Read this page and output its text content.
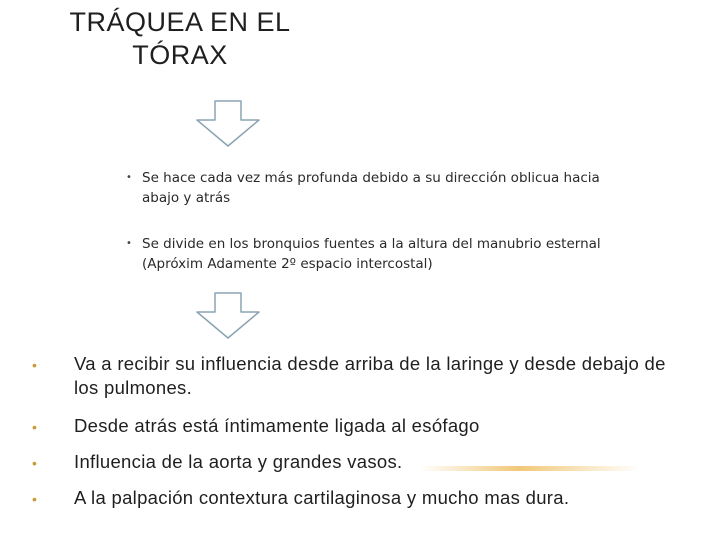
TRÁQUEA EN EL
TÓRAX
• Se hace cada vez más profunda debido a su dirección oblicua hacia abajo y atrás
• Se divide en los bronquios fuentes a la altura del manubrio esternal (Apróxim Adamente 2º espacio intercostal)
• Va a recibir su influencia desde arriba de la laringe y desde debajo de los pulmones.
• Desde atrás está íntimamente ligada al esófago
• Influencia de la aorta y grandes vasos.
• A la palpación contextura cartilaginosa y mucho mas dura.
